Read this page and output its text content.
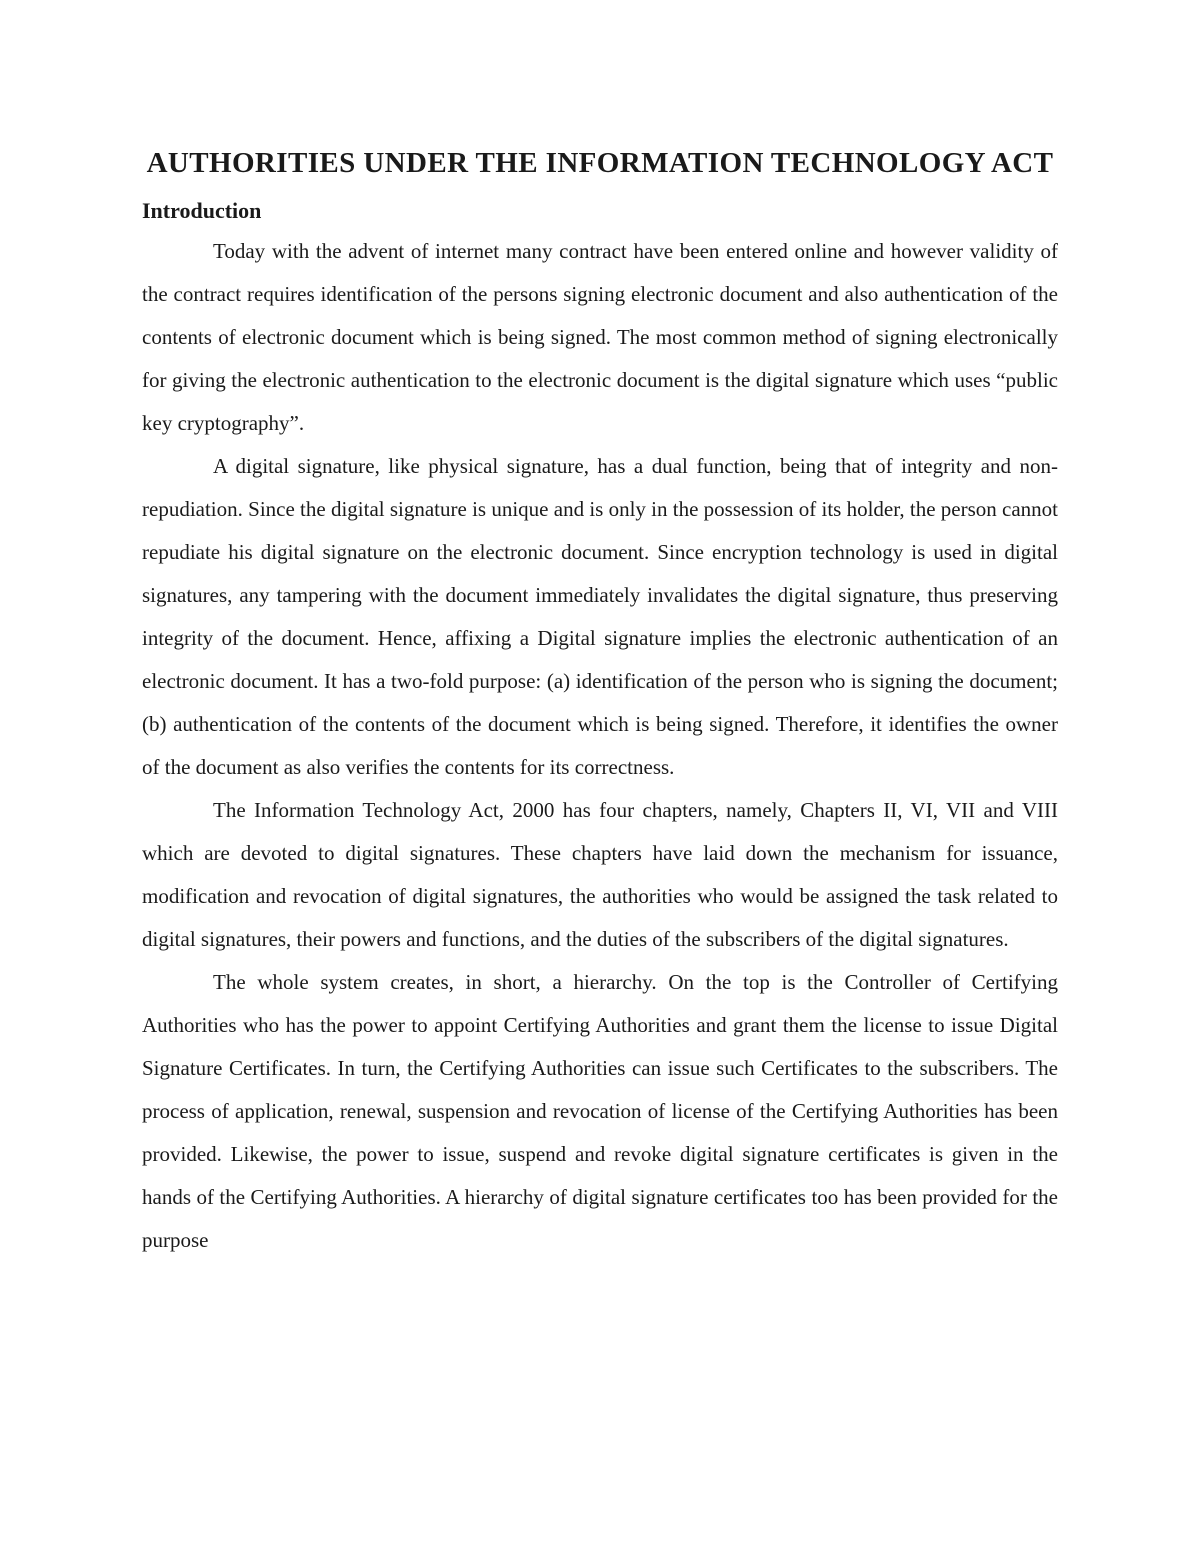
AUTHORITIES UNDER THE INFORMATION TECHNOLOGY ACT
Introduction

Today with the advent of internet many contract have been entered online and however validity of the contract requires identification of the persons signing electronic document and also authentication of the contents of electronic document which is being signed. The most common method of signing electronically for giving the electronic authentication to the electronic document is the digital signature which uses “public key cryptography”.

A digital signature, like physical signature, has a dual function, being that of integrity and non-repudiation. Since the digital signature is unique and is only in the possession of its holder, the person cannot repudiate his digital signature on the electronic document. Since encryption technology is used in digital signatures, any tampering with the document immediately invalidates the digital signature, thus preserving integrity of the document. Hence, affixing a Digital signature implies the electronic authentication of an electronic document. It has a two-fold purpose: (a) identification of the person who is signing the document; (b) authentication of the contents of the document which is being signed. Therefore, it identifies the owner of the document as also verifies the contents for its correctness.

The Information Technology Act, 2000 has four chapters, namely, Chapters II, VI, VII and VIII which are devoted to digital signatures. These chapters have laid down the mechanism for issuance, modification and revocation of digital signatures, the authorities who would be assigned the task related to digital signatures, their powers and functions, and the duties of the subscribers of the digital signatures.

The whole system creates, in short, a hierarchy. On the top is the Controller of Certifying Authorities who has the power to appoint Certifying Authorities and grant them the license to issue Digital Signature Certificates. In turn, the Certifying Authorities can issue such Certificates to the subscribers. The process of application, renewal, suspension and revocation of license of the Certifying Authorities has been provided. Likewise, the power to issue, suspend and revoke digital signature certificates is given in the hands of the Certifying Authorities. A hierarchy of digital signature certificates too has been provided for the purpose
